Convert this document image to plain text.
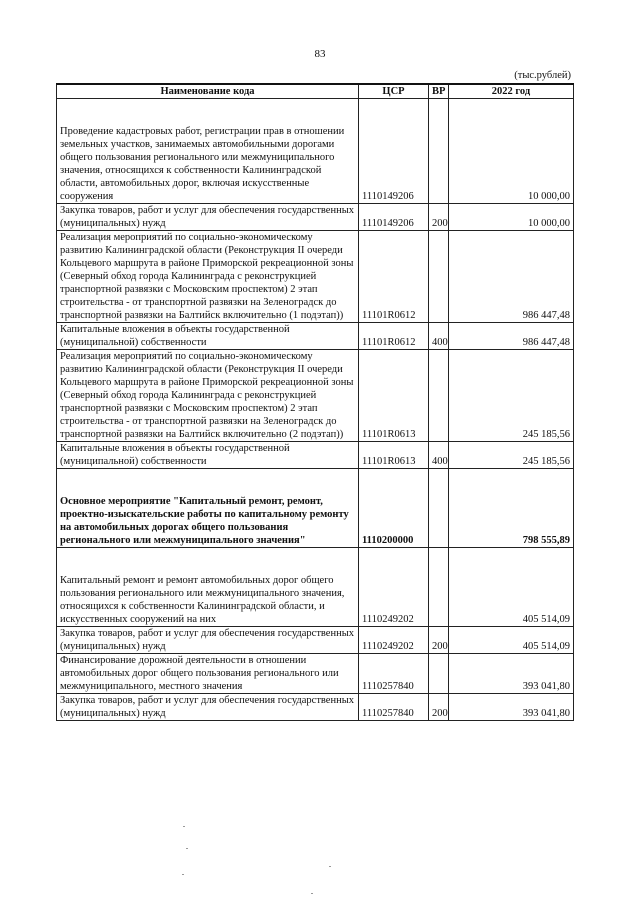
83
(тыс.рублей)
Наименование кода	ЦСР	ВР	2022 год
Проведение кадастровых работ, регистрации прав в отношении земельных участков, занимаемых автомобильными дорогами общего пользования регионального или межмуниципального значения, относящихся к собственности Калининградской области, автомобильных дорог, включая искусственные сооружения	1110149206		10 000,00
Закупка товаров, работ и услуг для обеспечения государственных (муниципальных) нужд	1110149206	200	10 000,00
Реализация мероприятий по социально-экономическому развитию Калининградской области (Реконструкция II очереди Кольцевого маршрута в районе Приморской рекреационной зоны (Северный обход города Калининграда с реконструкцией транспортной развязки с Московским проспектом) 2 этап строительства - от транспортной развязки на Зеленоградск до транспортной развязки на Балтийск включительно (1 подэтап))	11101R0612		986 447,48
Капитальные вложения в объекты государственной (муниципальной) собственности	11101R0612	400	986 447,48
Реализация мероприятий по социально-экономическому развитию Калининградской области (Реконструкция II очереди Кольцевого маршрута в районе Приморской рекреационной зоны (Северный обход города Калининграда с реконструкцией транспортной развязки с Московским проспектом) 2 этап строительства - от транспортной развязки на Зеленоградск до транспортной развязки на Балтийск включительно (2 подэтап))	11101R0613		245 185,56
Капитальные вложения в объекты государственной (муниципальной) собственности	11101R0613	400	245 185,56
Основное мероприятие "Капитальный ремонт, ремонт, проектно-изыскательские работы по капитальному ремонту на автомобильных дорогах общего пользования регионального или межмуниципального значения"	1110200000		798 555,89
Капитальный ремонт и ремонт автомобильных дорог общего пользования регионального или межмуниципального значения, относящихся к собственности Калининградской области, и искусственных сооружений на них	1110249202		405 514,09
Закупка товаров, работ и услуг для обеспечения государственных (муниципальных) нужд	1110249202	200	405 514,09
Финансирование дорожной деятельности в отношении автомобильных дорог общего пользования регионального или межмуниципального, местного значения	1110257840		393 041,80
Закупка товаров, работ и услуг для обеспечения государственных (муниципальных) нужд	1110257840	200	393 041,80
